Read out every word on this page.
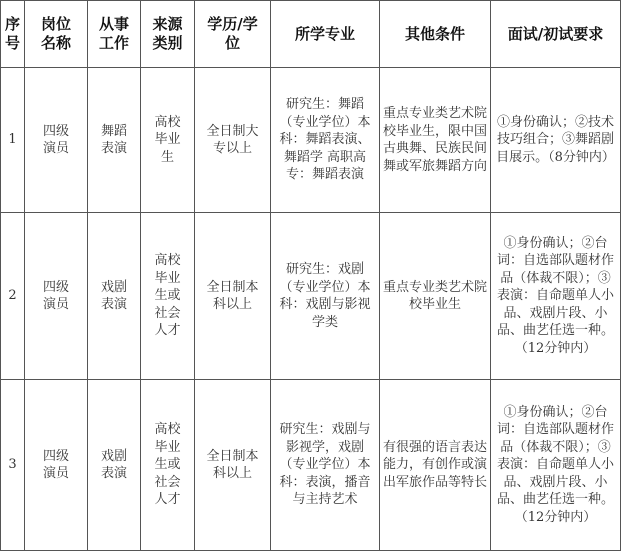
序号	岗位名称	从事工作	来源类别	学历/学位	所学专业	其他条件	面试/初试要求
1	四级演员	舞蹈表演	高校毕业生	全日制大专以上	研究生：舞蹈（专业学位）本科：舞蹈表演、舞蹈学 高职高专：舞蹈表演	重点专业类艺术院校毕业生，限中国古典舞、民族民间舞或军旅舞蹈方向	①身份确认；②技术技巧组合；③舞蹈剧目展示。（8分钟内）
2	四级演员	戏剧表演	高校毕业生或社会人才	全日制本科以上	研究生：戏剧（专业学位）本科：戏剧与影视学类	重点专业类艺术院校毕业生	①身份确认；②台词：自选部队题材作品（体裁不限）；③表演：自命题单人小品、戏剧片段、小品、曲艺任选一种。（12分钟内）
3	四级演员	戏剧表演	高校毕业生或社会人才	全日制本科以上	研究生：戏剧与影视学，戏剧（专业学位）本科：表演，播音与主持艺术	有很强的语言表达能力，有创作或演出军旅作品等特长	①身份确认；②台词：自选部队题材作品（体裁不限）；③表演：自命题单人小品、戏剧片段、小品、曲艺任选一种。（12分钟内）
